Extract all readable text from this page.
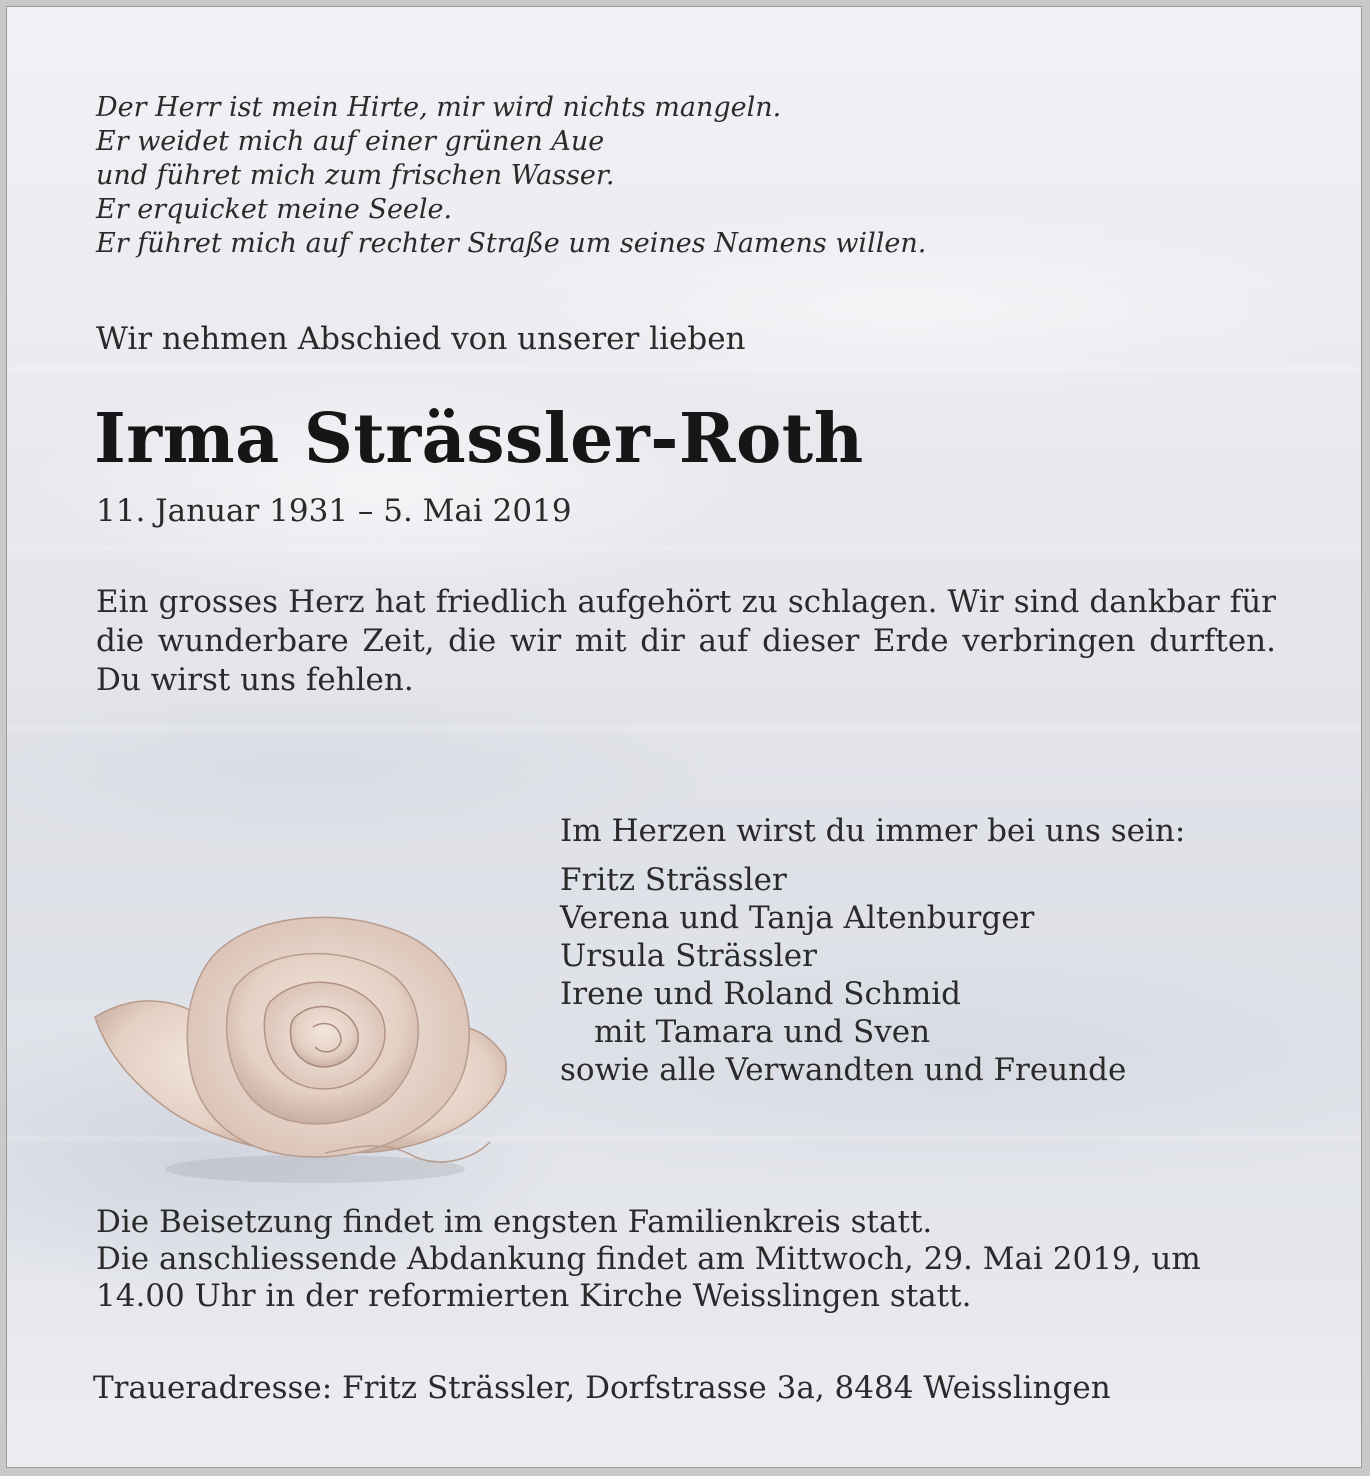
Der Herr ist mein Hirte, mir wird nichts mangeln.
Er weidet mich auf einer grünen Aue
und führet mich zum frischen Wasser.
Er erquicket meine Seele.
Er führet mich auf rechter Straße um seines Namens willen.
Wir nehmen Abschied von unserer lieben
Irma Strässler-Roth
11. Januar 1931 – 5. Mai 2019
Ein grosses Herz hat friedlich aufgehört zu schlagen. Wir sind dankbar für die wunderbare Zeit, die wir mit dir auf dieser Erde verbringen durften. Du wirst uns fehlen.
Im Herzen wirst du immer bei uns sein:
Fritz Strässler
Verena und Tanja Altenburger
Ursula Strässler
Irene und Roland Schmid
mit Tamara und Sven
sowie alle Verwandten und Freunde
Die Beisetzung findet im engsten Familienkreis statt.
Die anschliessende Abdankung findet am Mittwoch, 29. Mai 2019, um
14.00 Uhr in der reformierten Kirche Weisslingen statt.
Traueradresse: Fritz Strässler, Dorfstrasse 3a, 8484 Weisslingen
